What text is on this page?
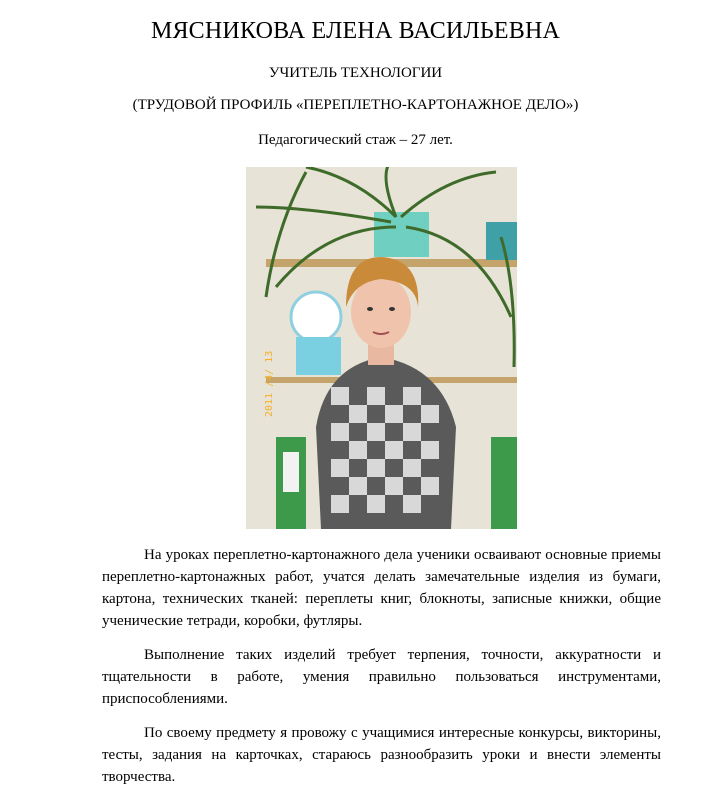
МЯСНИКОВА ЕЛЕНА ВАСИЛЬЕВНА
УЧИТЕЛЬ ТЕХНОЛОГИИ
(ТРУДОВОЙ ПРОФИЛЬ «ПЕРЕПЛЕТНО-КАРТОНАЖНОЕ ДЕЛО»)
Педагогический стаж – 27 лет.
2011 /4/ 13

На уроках переплетно-картонажного дела ученики осваивают основные приемы переплетно-картонажных работ, учатся делать замечательные изделия из бумаги, картона, технических тканей: переплеты книг, блокноты, записные книжки, общие ученические тетради, коробки, футляры.

Выполнение таких изделий требует терпения, точности, аккуратности и тщательности в работе, умения правильно пользоваться инструментами, приспособлениями.

По своему предмету я провожу с учащимися интересные конкурсы, викторины, тесты, задания на карточках, стараюсь разнообразить уроки и внести элементы творчества.
